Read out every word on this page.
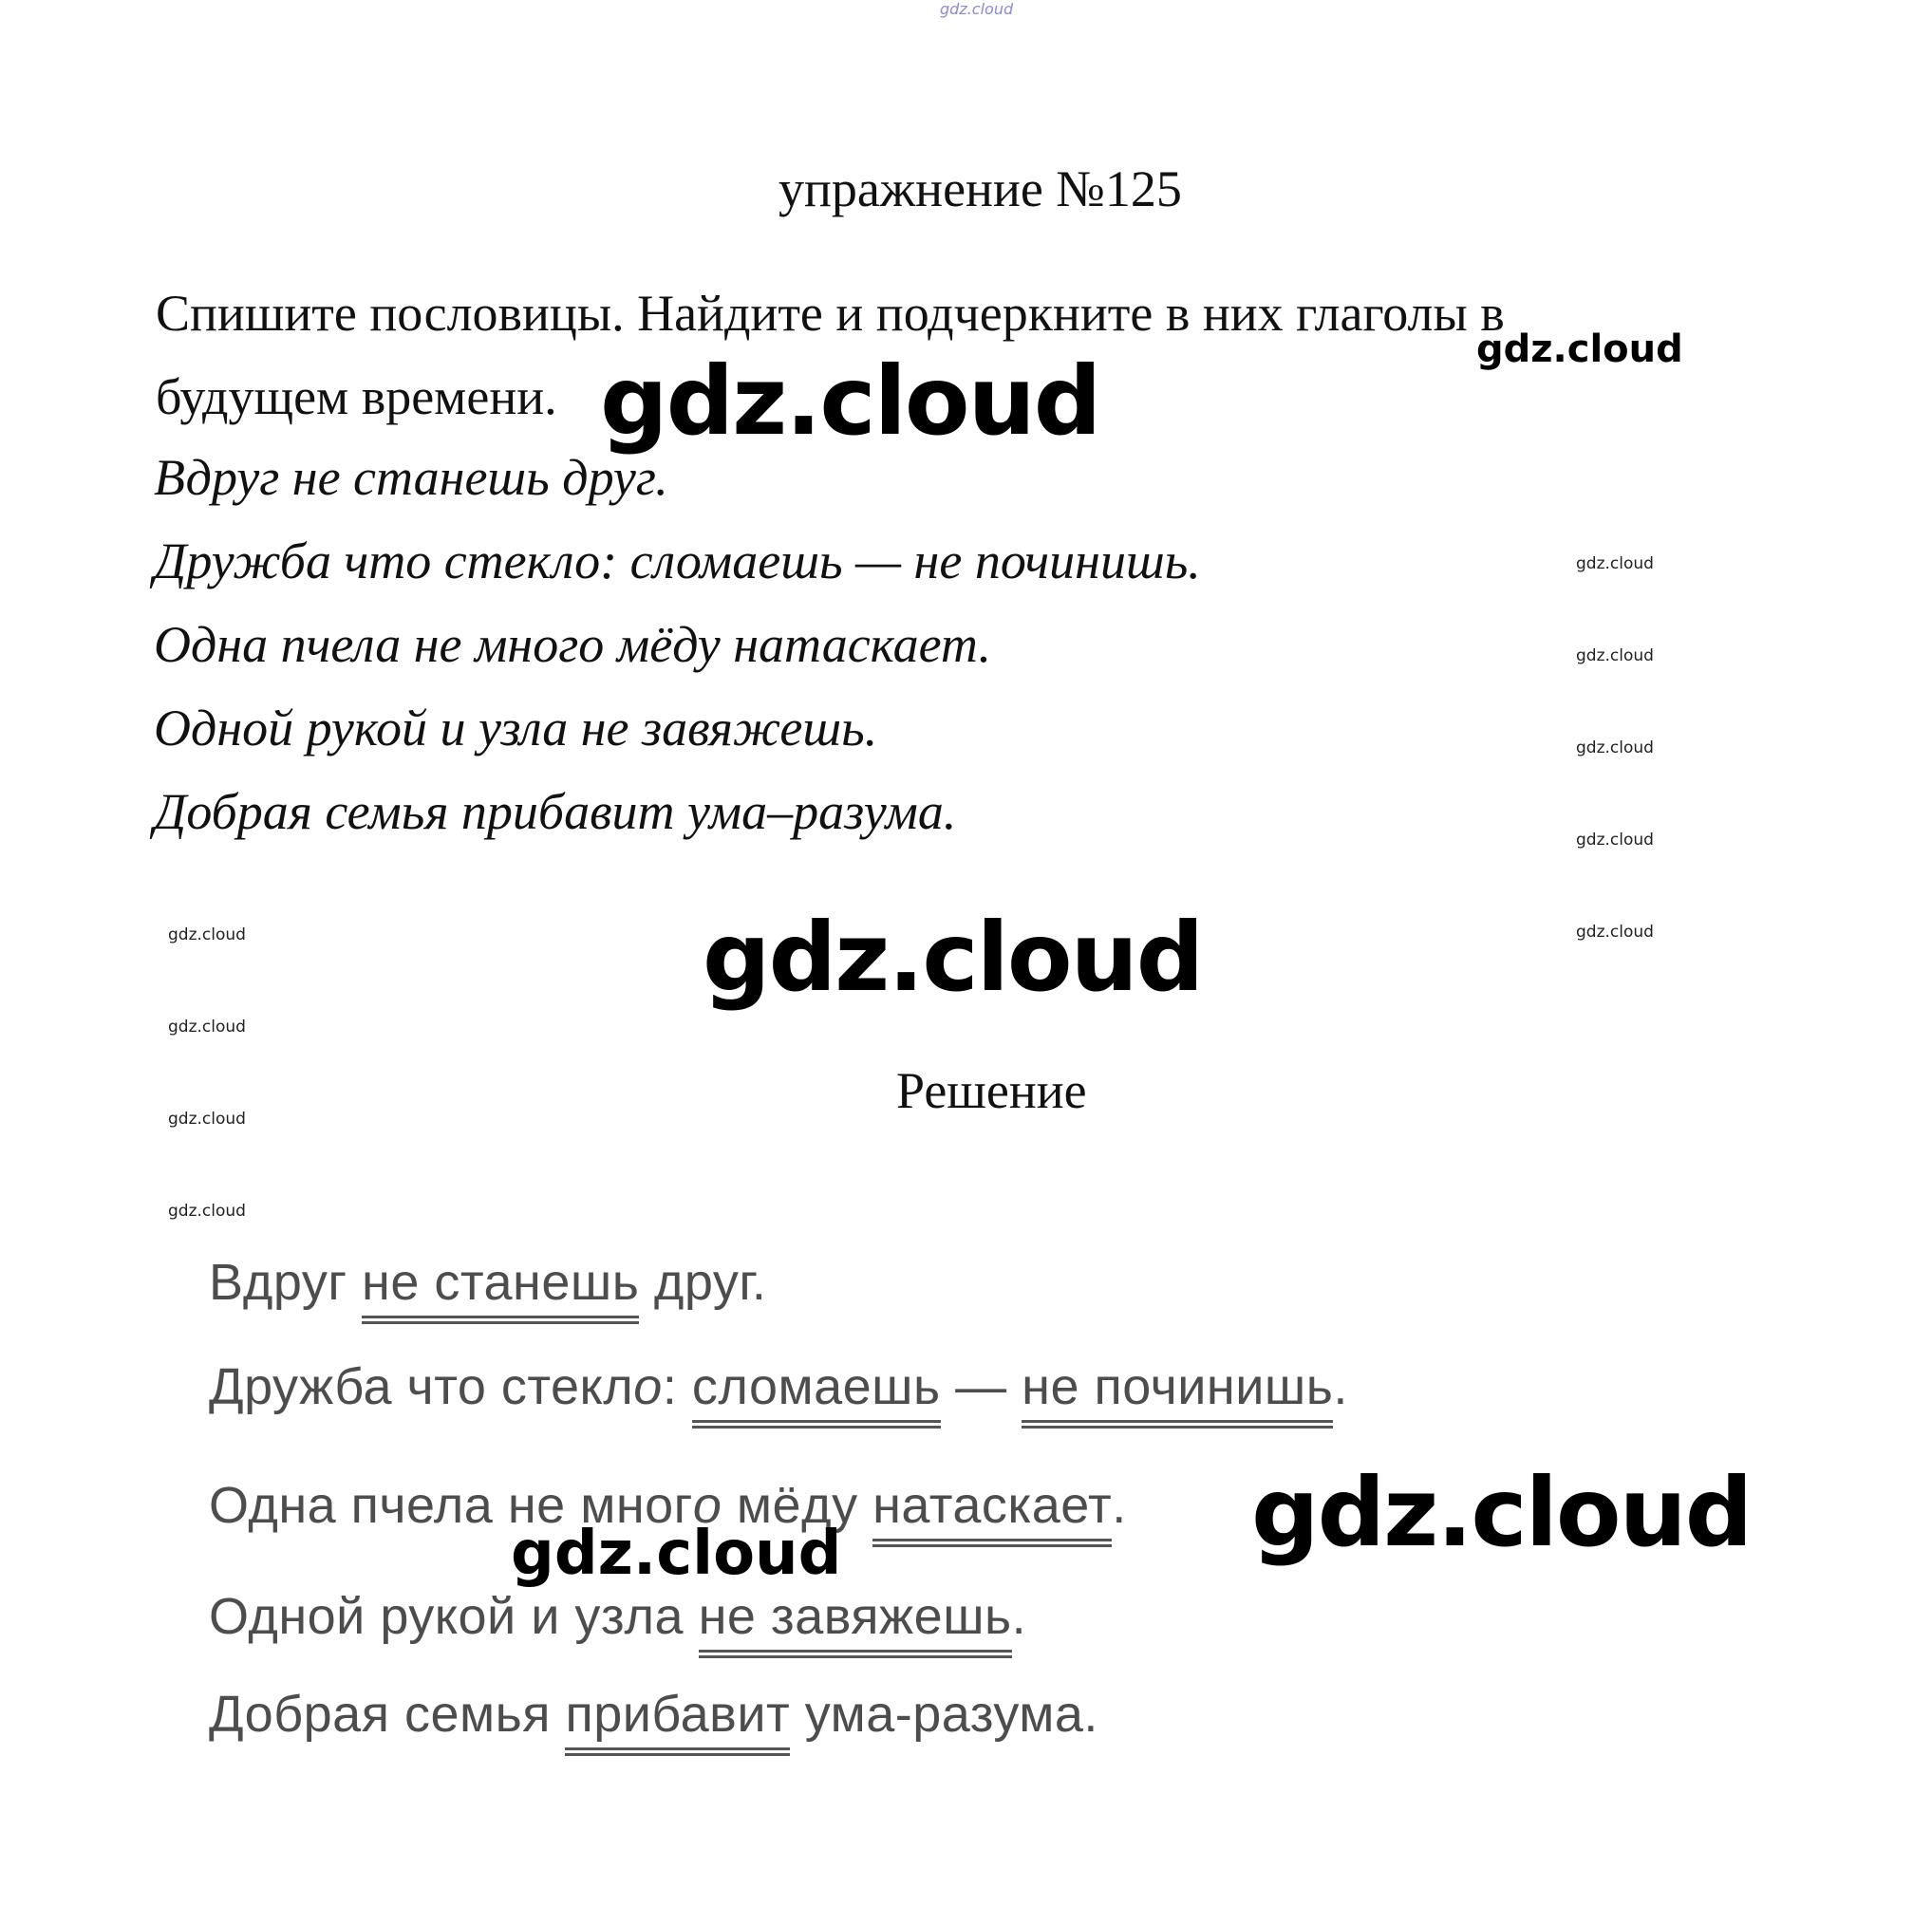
gdz.cloud
упражнение №125
Спишите пословицы. Найдите и подчеркните в них глаголы в
будущем времени.
Вдруг не станешь друг.
Дружба что стекло: сломаешь — не починишь.
Одна пчела не много мёду натаскает.
Одной рукой и узла не завяжешь.
Добрая семья прибавит ума–разума.
Решение
Вдруг не станешь друг.
Дружба что стекло: сломаешь — не починишь.
Одна пчела не много мёду натаскает.
Одной рукой и узла не завяжешь.
Добрая семья прибавит ума-разума.
gdz.cloud
gdz.cloud
gdz.cloud
gdz.cloud
gdz.cloud
gdz.cloud
gdz.cloud
gdz.cloud
gdz.cloud
gdz.cloud
gdz.cloud
gdz.cloud
gdz.cloud
gdz.cloud
